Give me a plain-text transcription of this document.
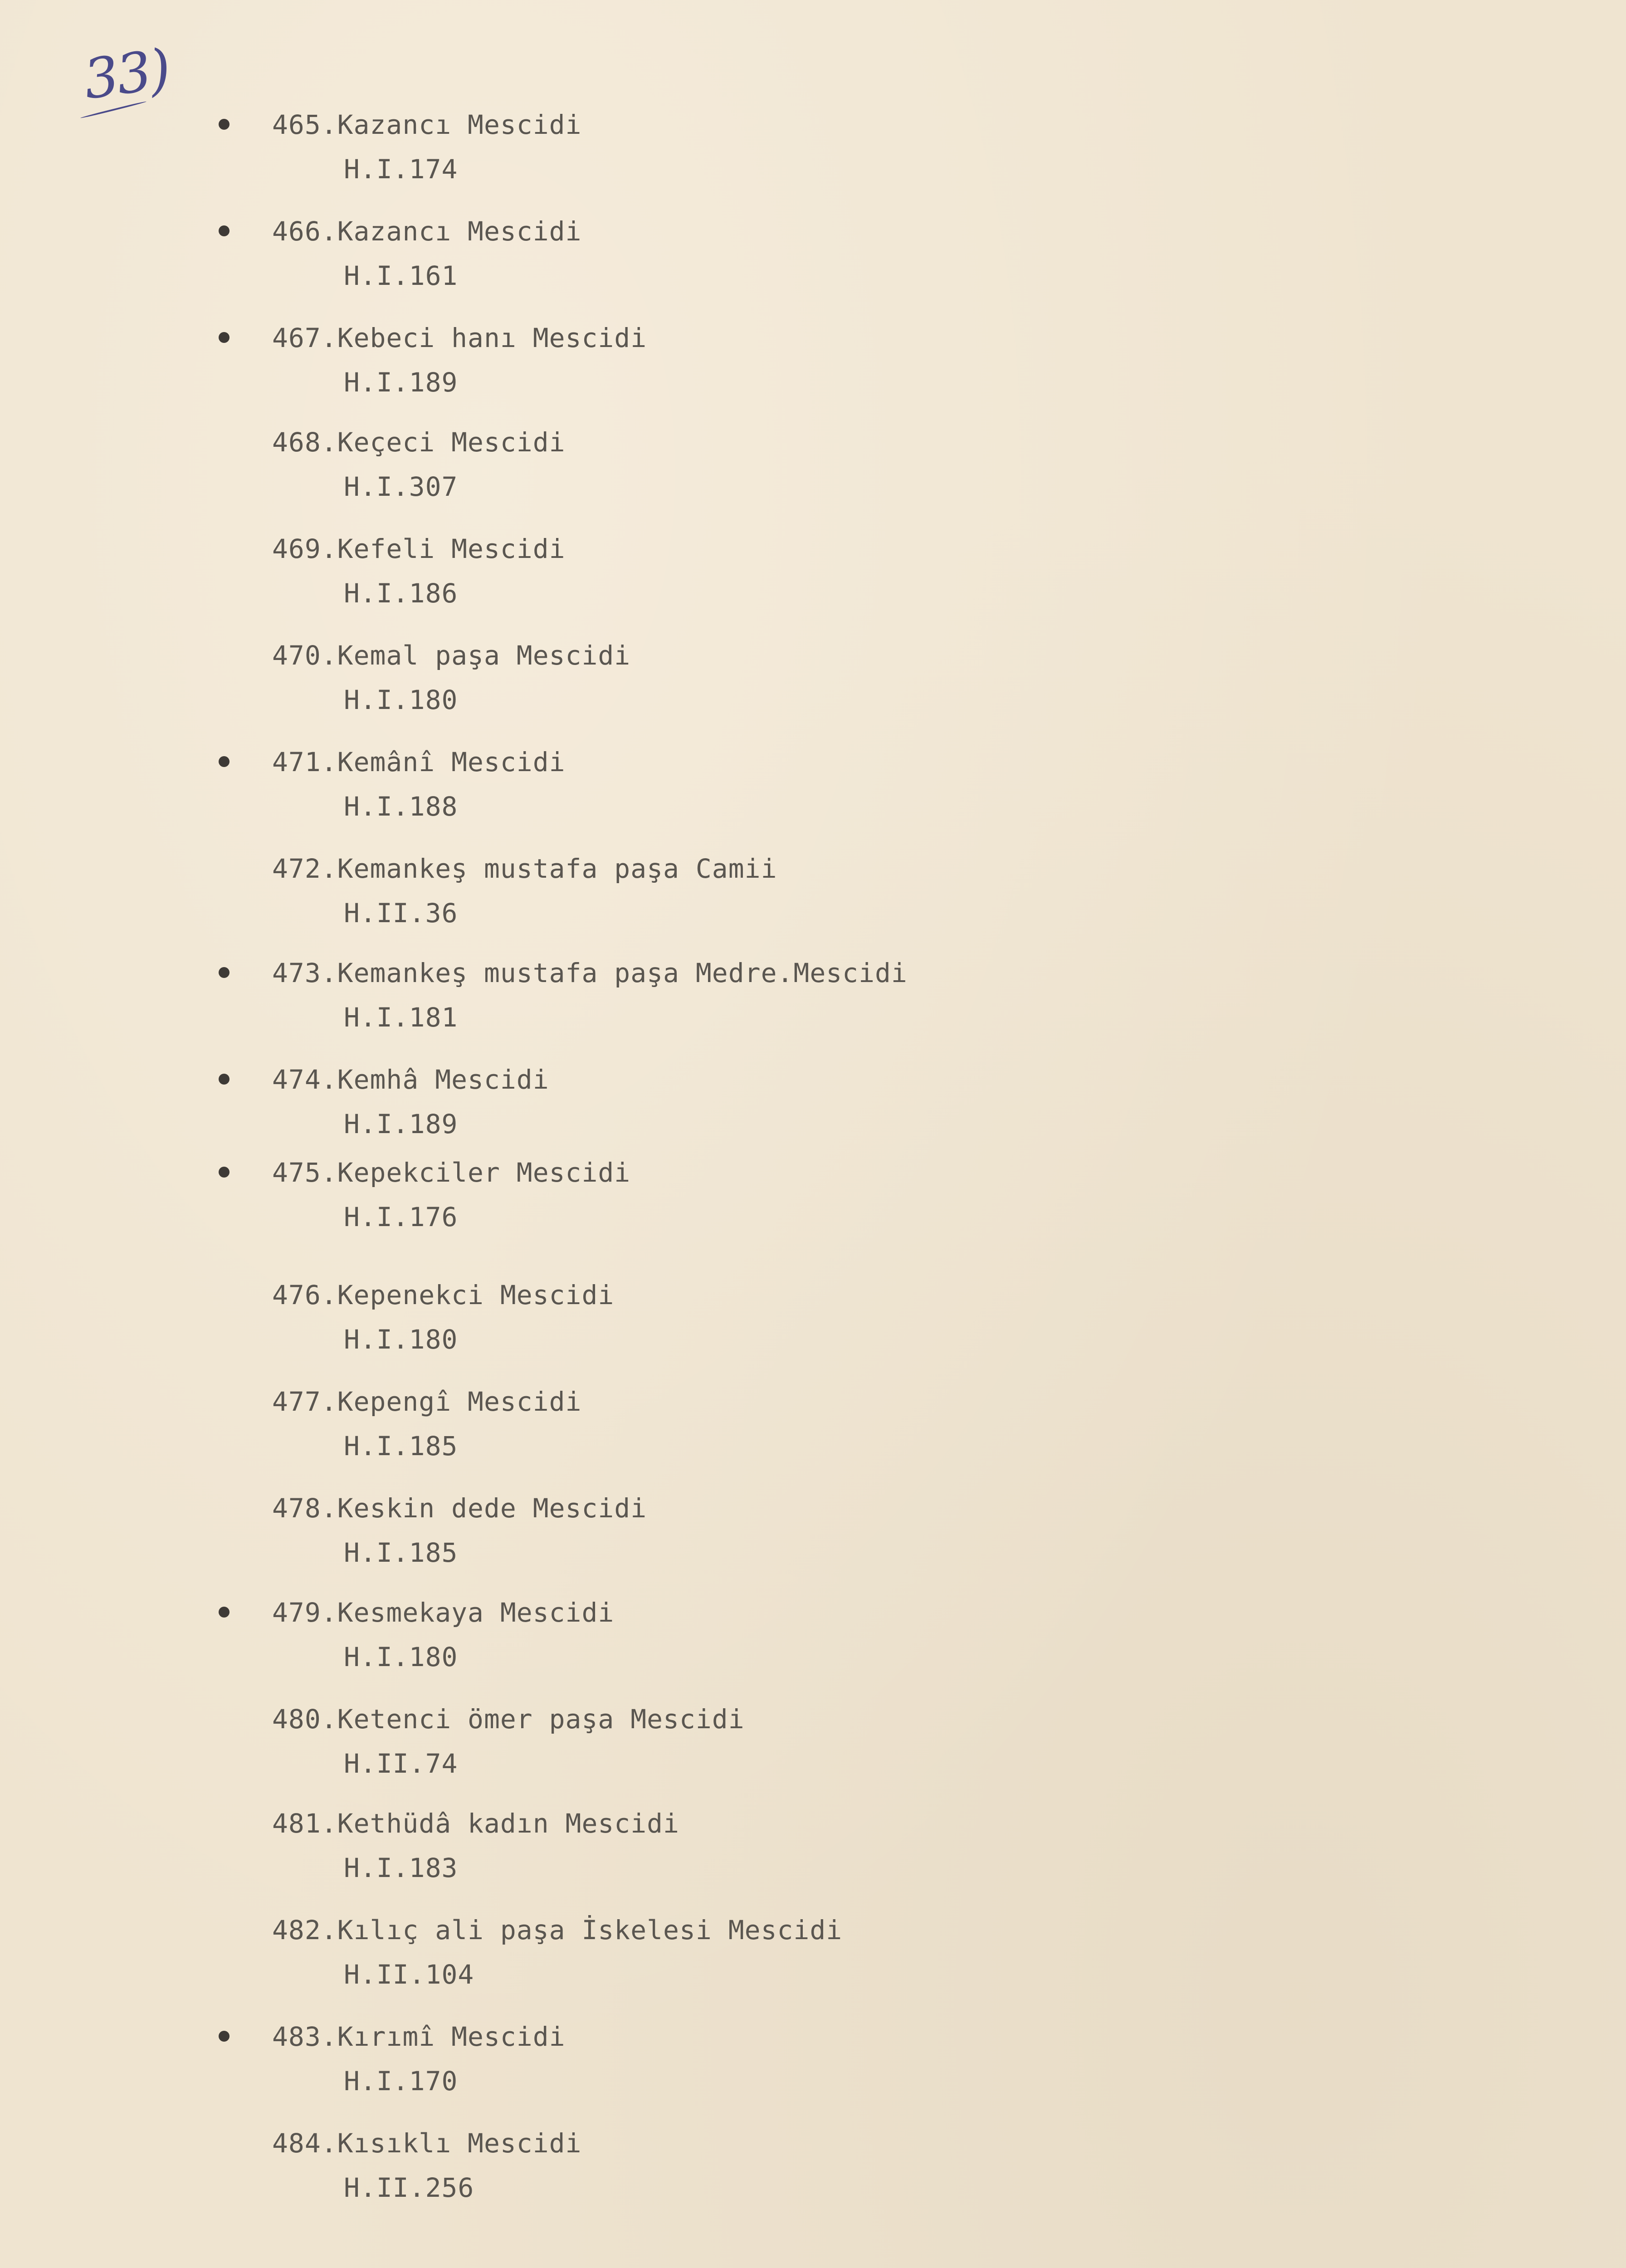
33)
465.Kazancı Mescidi
H.I.174
466.Kazancı Mescidi
H.I.161
467.Kebeci hanı Mescidi
H.I.189
468.Keçeci Mescidi
H.I.307
469.Kefeli Mescidi
H.I.186
470.Kemal paşa Mescidi
H.I.180
471.Kemânî Mescidi
H.I.188
472.Kemankeş mustafa paşa Camii
H.II.36
473.Kemankeş mustafa paşa Medre.Mescidi
H.I.181
474.Kemhâ Mescidi
H.I.189
475.Kepekciler Mescidi
H.I.176
476.Kepenekci Mescidi
H.I.180
477.Kepengî Mescidi
H.I.185
478.Keskin dede Mescidi
H.I.185
479.Kesmekaya Mescidi
H.I.180
480.Ketenci ömer paşa Mescidi
H.II.74
481.Kethüdâ kadın Mescidi
H.I.183
482.Kılıç ali paşa İskelesi Mescidi
H.II.104
483.Kırımî Mescidi
H.I.170
484.Kısıklı Mescidi
H.II.256
